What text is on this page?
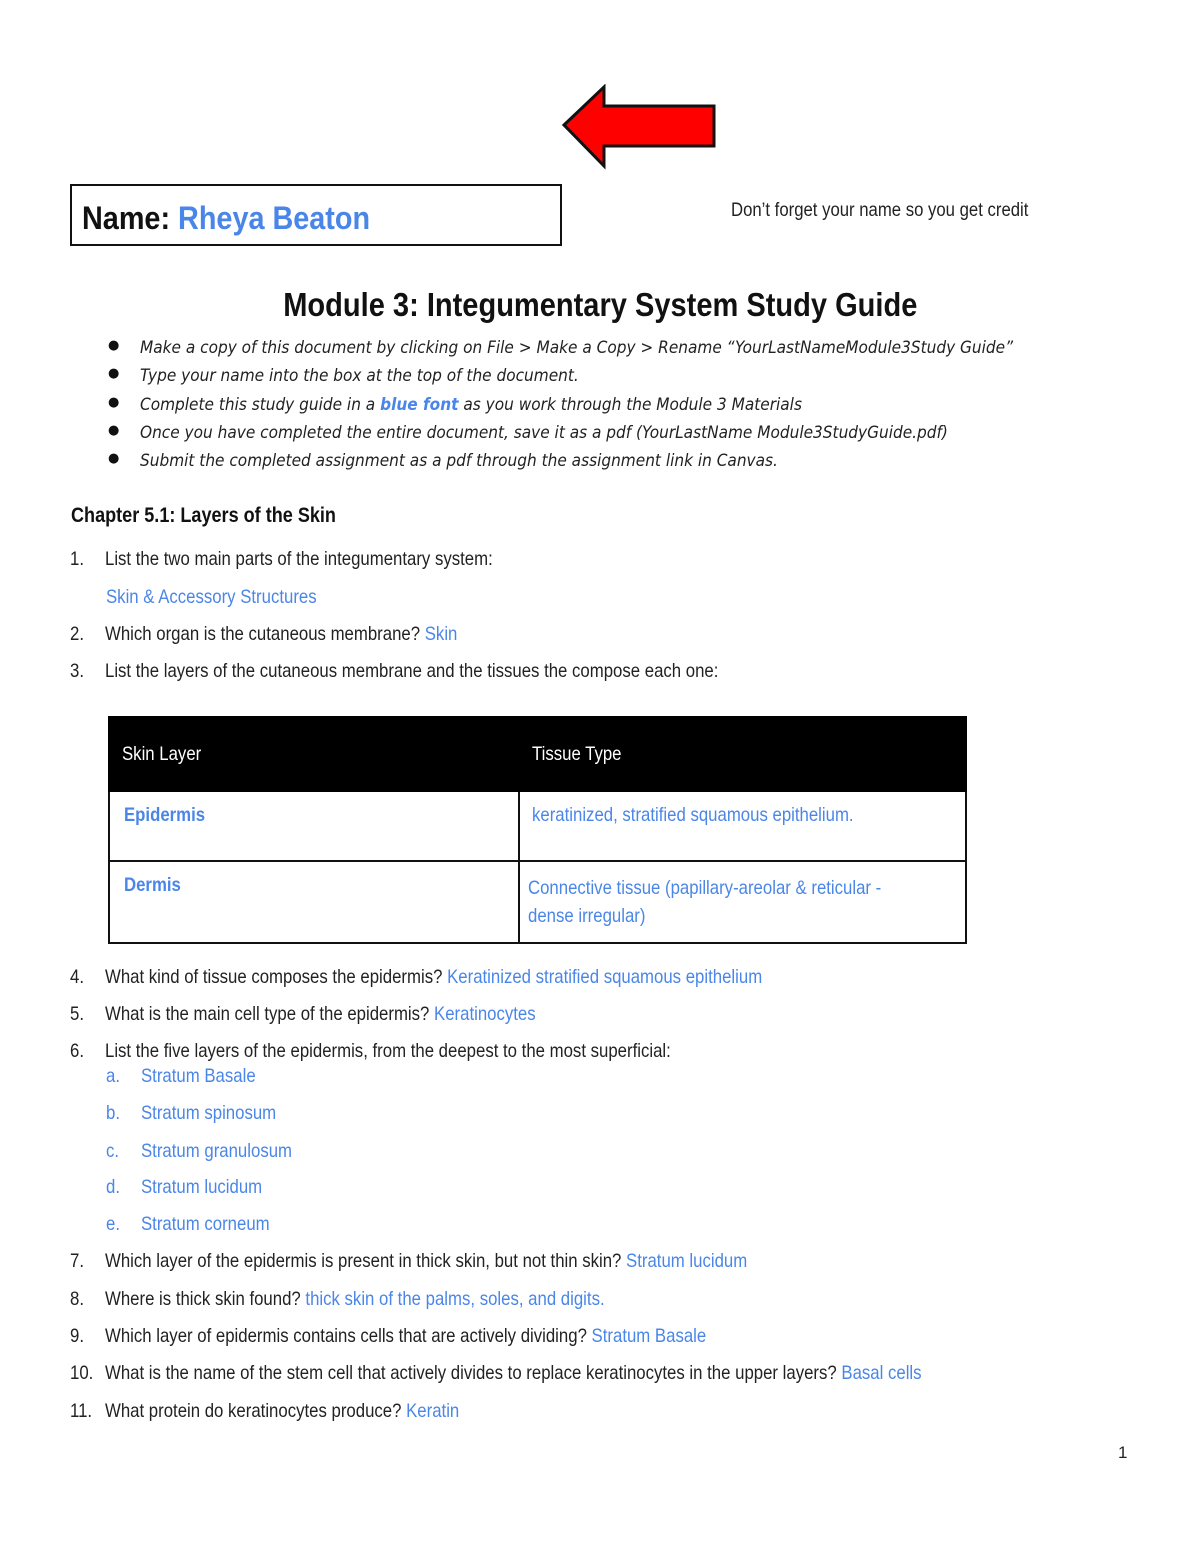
Name: Rheya Beaton	Don’t forget your name so you get credit
Module 3: Integumentary System Study Guide
● Make a copy of this document by clicking on File > Make a Copy > Rename “YourLastNameModule3Study Guide”
● Type your name into the box at the top of the document.
● Complete this study guide in a blue font as you work through the Module 3 Materials
● Once you have completed the entire document, save it as a pdf (YourLastName Module3StudyGuide.pdf)
● Submit the completed assignment as a pdf through the assignment link in Canvas.
Chapter 5.1: Layers of the Skin
1. List the two main parts of the integumentary system:
Skin & Accessory Structures
2. Which organ is the cutaneous membrane? Skin
3. List the layers of the cutaneous membrane and the tissues the compose each one:
Skin Layer	Tissue Type
Epidermis	keratinized, stratified squamous epithelium.
Dermis	Connective tissue (papillary-areolar & reticular -
dense irregular)
4. What kind of tissue composes the epidermis? Keratinized stratified squamous epithelium
5. What is the main cell type of the epidermis? Keratinocytes
6. List the five layers of the epidermis, from the deepest to the most superficial:
a. Stratum Basale
b. Stratum spinosum
c. Stratum granulosum
d. Stratum lucidum
e. Stratum corneum
7. Which layer of the epidermis is present in thick skin, but not thin skin? Stratum lucidum
8. Where is thick skin found? thick skin of the palms, soles, and digits.
9. Which layer of epidermis contains cells that are actively dividing? Stratum Basale
10. What is the name of the stem cell that actively divides to replace keratinocytes in the upper layers? Basal cells
11. What protein do keratinocytes produce? Keratin
1
